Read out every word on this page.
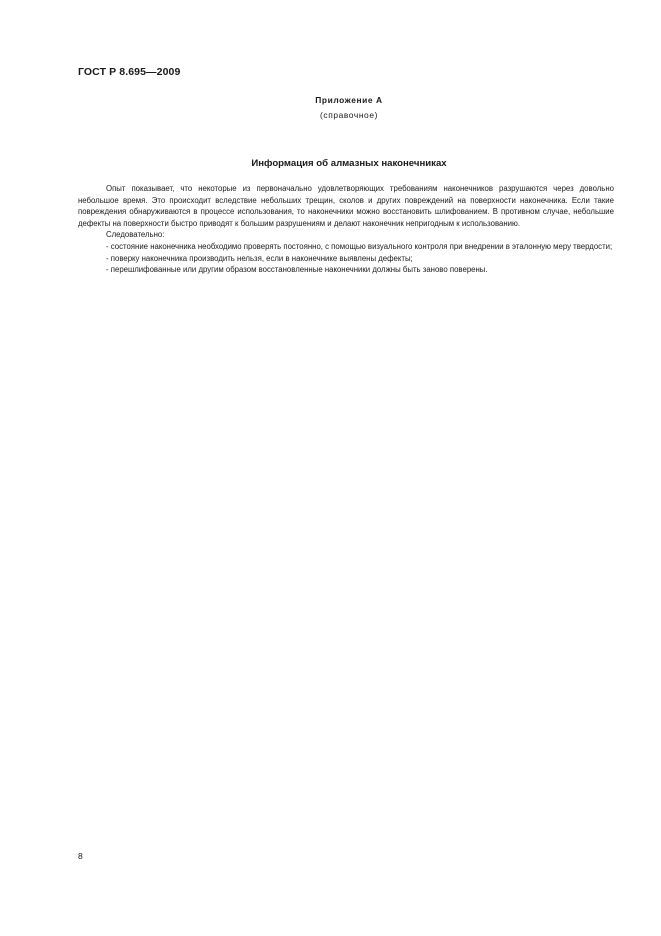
ГОСТ Р 8.695—2009
Приложение А
(справочное)
Информация об алмазных наконечниках

Опыт показывает, что некоторые из первоначально удовлетворяющих требованиям наконечников разрушаются через довольно небольшое время. Это происходит вследствие небольших трещин, сколов и других повреждений на поверхности наконечника. Если такие повреждения обнаруживаются в процессе использования, то наконечники можно восстановить шлифованием. В противном случае, небольшие дефекты на поверхности быстро приводят к большим разрушениям и делают наконечник непригодным к использованию.

Следовательно:

- состояние наконечника необходимо проверять постоянно, с помощью визуального контроля при внедрении в эталонную меру твердости;

- поверку наконечника производить нельзя, если в наконечнике выявлены дефекты;

- перешлифованные или другим образом восстановленные наконечники должны быть заново поверены.

8
